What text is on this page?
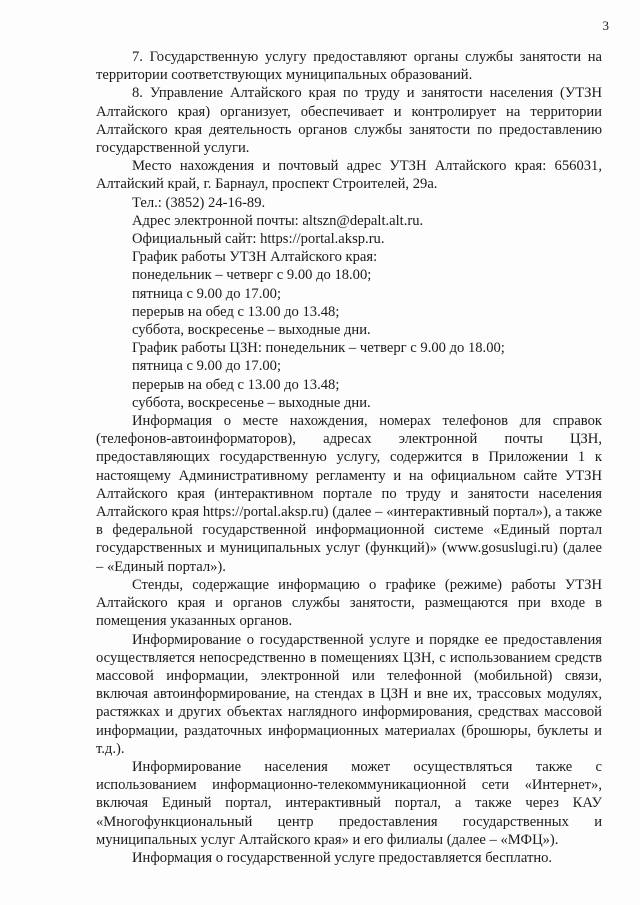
3

7. Государственную услугу предоставляют органы службы занятости на территории соответствующих муниципальных образований.

8. Управление Алтайского края по труду и занятости населения (УТЗН Алтайского края) организует, обеспечивает и контролирует на территории Алтайского края деятельность органов службы занятости по предоставлению государственной услуги.

Место нахождения и почтовый адрес УТЗН Алтайского края: 656031, Алтайский край, г. Барнаул, проспект Строителей, 29а.

Тел.: (3852) 24-16-89.
Адрес электронной почты: altszn@depalt.alt.ru.
Официальный сайт: https://portal.aksp.ru.
График работы УТЗН Алтайского края:
понедельник – четверг с 9.00 до 18.00;
пятница с 9.00 до 17.00;
перерыв на обед с 13.00 до 13.48;
суббота, воскресенье – выходные дни.
График работы ЦЗН: понедельник – четверг с 9.00 до 18.00;
пятница с 9.00 до 17.00;
перерыв на обед с 13.00 до 13.48;
суббота, воскресенье – выходные дни.

Информация о месте нахождения, номерах телефонов для справок (телефонов-автоинформаторов), адресах электронной почты ЦЗН, предоставляющих государственную услугу, содержится в Приложении 1 к настоящему Административному регламенту и на официальном сайте УТЗН Алтайского края (интерактивном портале по труду и занятости населения Алтайского края https://portal.aksp.ru) (далее – «интерактивный портал»), а также в федеральной государственной информационной системе «Единый портал государственных и муниципальных услуг (функций)» (www.gosuslugi.ru) (далее – «Единый портал»).

Стенды, содержащие информацию о графике (режиме) работы УТЗН Алтайского края и органов службы занятости, размещаются при входе в помещения указанных органов.

Информирование о государственной услуге и порядке ее предоставления осуществляется непосредственно в помещениях ЦЗН, с использованием средств массовой информации, электронной или телефонной (мобильной) связи, включая автоинформирование, на стендах в ЦЗН и вне их, трассовых модулях, растяжках и других объектах наглядного информирования, средствах массовой информации, раздаточных информационных материалах (брошюры, буклеты и т.д.).

Информирование населения может осуществляться также с использованием информационно-телекоммуникационной сети «Интернет», включая Единый портал, интерактивный портал, а также через КАУ «Многофункциональный центр предоставления государственных и муниципальных услуг Алтайского края» и его филиалы (далее – «МФЦ»).

Информация о государственной услуге предоставляется бесплатно.
